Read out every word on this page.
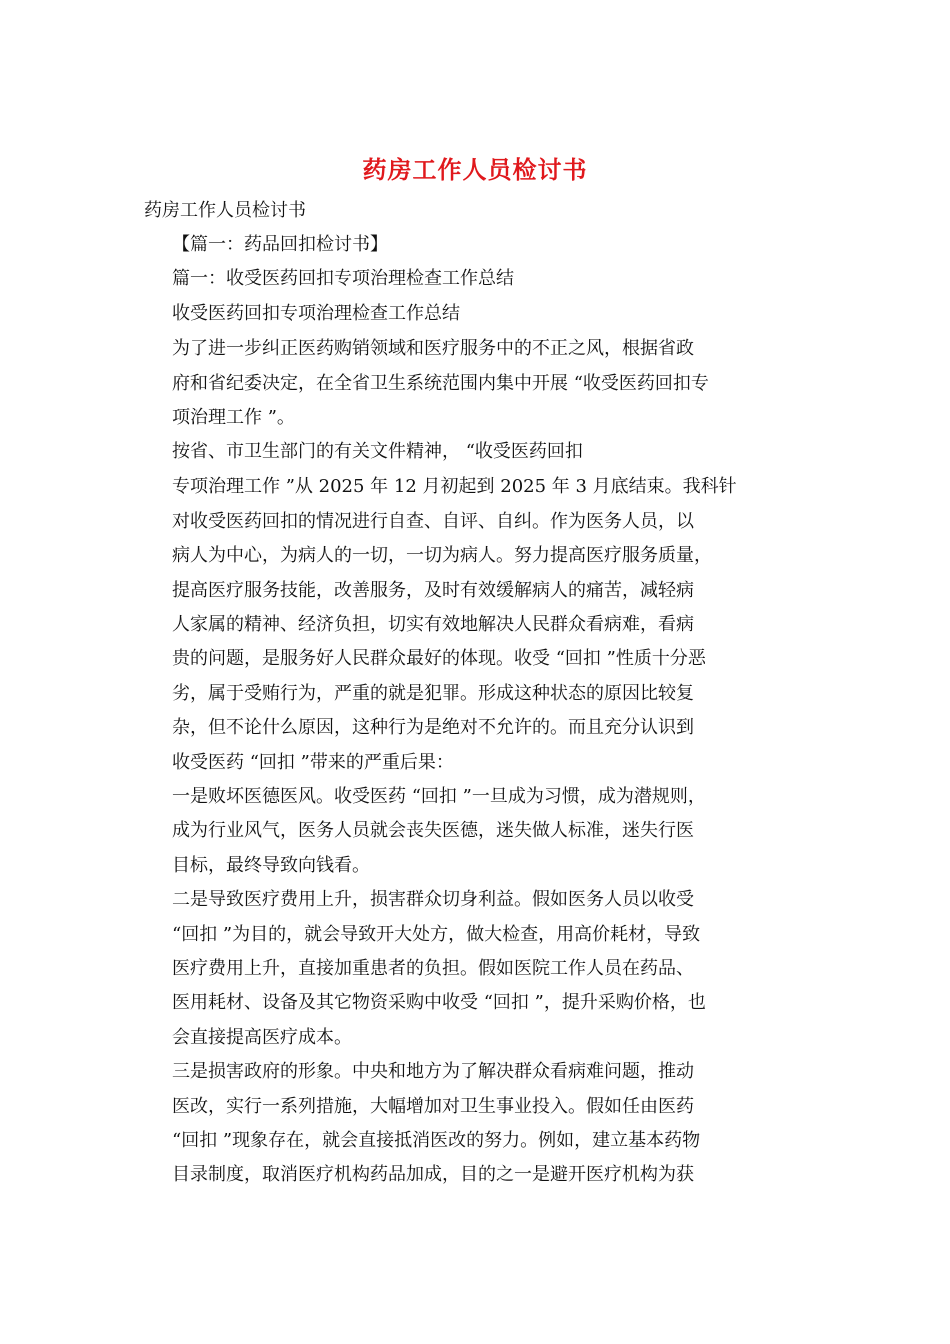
药房工作人员检讨书
药房工作人员检讨书
【篇一：药品回扣检讨书】
篇一：收受医药回扣专项治理检查工作总结
收受医药回扣专项治理检查工作总结
为了进一步纠正医药购销领域和医疗服务中的不正之风，根据省政
府和省纪委决定，在全省卫生系统范围内集中开展 “收受医药回扣专
项治理工作 ”。
按省、市卫生部门的有关文件精神， “收受医药回扣
专项治理工作 ”从 2025 年 12 月初起到 2025 年 3 月底结束。我科针
对收受医药回扣的情况进行自查、自评、自纠。作为医务人员，以
病人为中心，为病人的一切，一切为病人。努力提高医疗服务质量，
提高医疗服务技能，改善服务，及时有效缓解病人的痛苦，减轻病
人家属的精神、经济负担，切实有效地解决人民群众看病难，看病
贵的问题，是服务好人民群众最好的体现。收受 “回扣 ”性质十分恶
劣，属于受贿行为，严重的就是犯罪。形成这种状态的原因比较复
杂，但不论什么原因，这种行为是绝对不允许的。而且充分认识到
收受医药 “回扣 ”带来的严重后果：
一是败坏医德医风。收受医药 “回扣 ”一旦成为习惯，成为潜规则，
成为行业风气，医务人员就会丧失医德，迷失做人标准，迷失行医
目标，最终导致向钱看。
二是导致医疗费用上升，损害群众切身利益。假如医务人员以收受
“回扣 ”为目的，就会导致开大处方，做大检查，用高价耗材，导致
医疗费用上升，直接加重患者的负担。假如医院工作人员在药品、
医用耗材、设备及其它物资采购中收受 “回扣 ”，提升采购价格，也
会直接提高医疗成本。
三是损害政府的形象。中央和地方为了解决群众看病难问题，推动
医改，实行一系列措施，大幅增加对卫生事业投入。假如任由医药
“回扣 ”现象存在，就会直接抵消医改的努力。例如，建立基本药物
目录制度，取消医疗机构药品加成，目的之一是避开医疗机构为获
